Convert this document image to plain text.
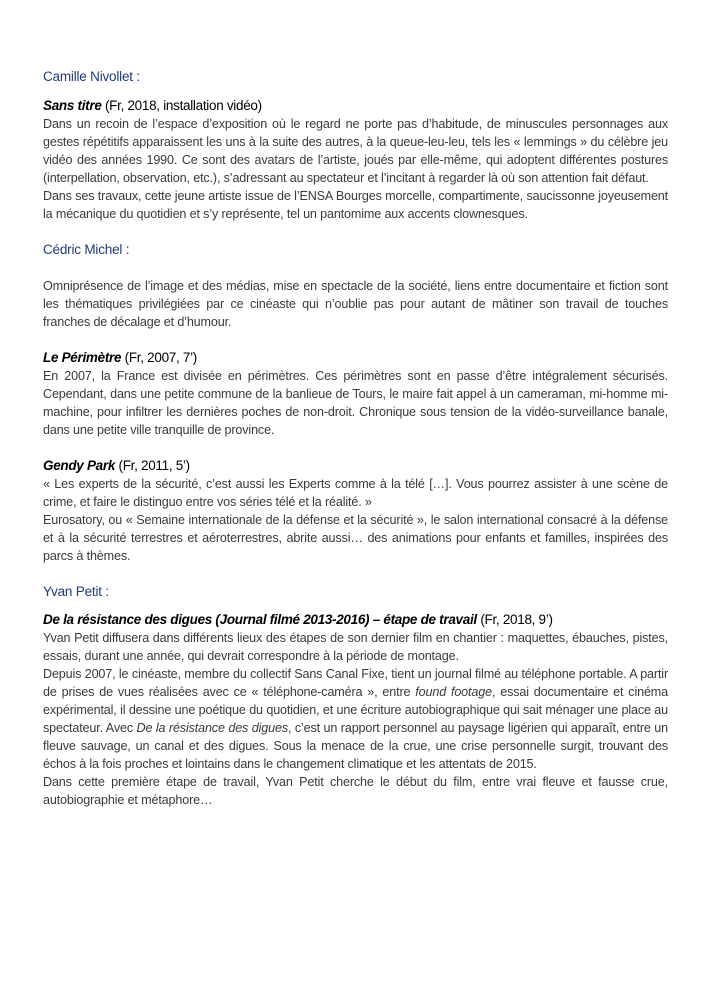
Camille Nivollet :

Sans titre (Fr, 2018, installation vidéo)

Dans un recoin de l’espace d’exposition où le regard ne porte pas d’habitude, de minuscules personnages aux gestes répétitifs apparaissent les uns à la suite des autres, à la queue-leu-leu, tels les « lemmings » du célèbre jeu vidéo des années 1990. Ce sont des avatars de l’artiste, joués par elle-même, qui adoptent différentes postures (interpellation, observation, etc.), s’adressant au spectateur et l’incitant à regarder là où son attention fait défaut.

Dans ses travaux, cette jeune artiste issue de l’ENSA Bourges morcelle, compartimente, saucissonne joyeusement la mécanique du quotidien et s’y représente, tel un pantomime aux accents clownesques.

Cédric Michel :

Omniprésence de l’image et des médias, mise en spectacle de la société, liens entre documentaire et fiction sont les thématiques privilégiées par ce cinéaste qui n’oublie pas pour autant de mâtiner son travail de touches franches de décalage et d’humour.

Le Périmètre (Fr, 2007, 7’)

En 2007, la France est divisée en périmètres. Ces périmètres sont en passe d’être intégralement sécurisés. Cependant, dans une petite commune de la banlieue de Tours, le maire fait appel à un cameraman, mi-homme mi-machine, pour infiltrer les dernières poches de non-droit. Chronique sous tension de la vidéo-surveillance banale, dans une petite ville tranquille de province.

Gendy Park (Fr, 2011, 5’)

« Les experts de la sécurité, c’est aussi les Experts comme à la télé […]. Vous pourrez assister à une scène de crime, et faire le distinguo entre vos séries télé et la réalité. »

Eurosatory, ou « Semaine internationale de la défense et la sécurité », le salon international consacré à la défense et à la sécurité terrestres et aéroterrestres, abrite aussi… des animations pour enfants et familles, inspirées des parcs à thèmes.

Yvan Petit :

De la résistance des digues (Journal filmé 2013-2016) – étape de travail (Fr, 2018, 9’)

Yvan Petit diffusera dans différents lieux des étapes de son dernier film en chantier : maquettes, ébauches, pistes, essais, durant une année, qui devrait correspondre à la période de montage.

Depuis 2007, le cinéaste, membre du collectif Sans Canal Fixe, tient un journal filmé au téléphone portable. A partir de prises de vues réalisées avec ce « téléphone-caméra », entre found footage, essai documentaire et cinéma expérimental, il dessine une poétique du quotidien, et une écriture autobiographique qui sait ménager une place au spectateur. Avec De la résistance des digues, c’est un rapport personnel au paysage ligérien qui apparaît, entre un fleuve sauvage, un canal et des digues. Sous la menace de la crue, une crise personnelle surgit, trouvant des échos à la fois proches et lointains dans le changement climatique et les attentats de 2015.

Dans cette première étape de travail, Yvan Petit cherche le début du film, entre vrai fleuve et fausse crue, autobiographie et métaphore…
